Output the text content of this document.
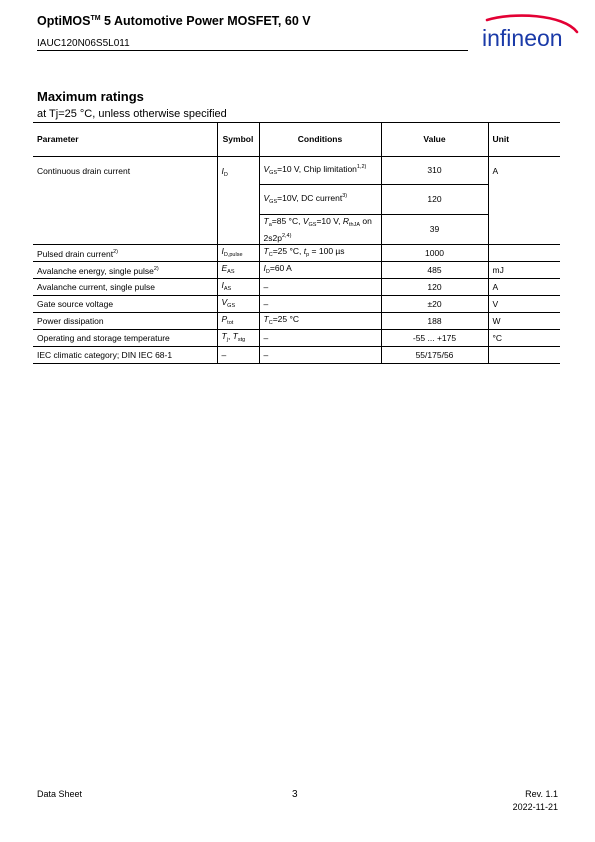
OptiMOS™ 5 Automotive Power MOSFET, 60 V
IAUC120N06S5L011	infineon
Maximum ratings
at Tj=25 °C, unless otherwise specified
Parameter	Symbol	Conditions	Value	Unit
Continuous drain current	$I_D$	$V_{GS}=10$ V, Chip limitation$^{1,2)}$	310	A
		$V_{GS}=10V$, DC current$^{3)}$	120	
		$T_a=85$ °C, $V_{GS}=10$ V, $R_{thJA}$ on $2s2p^{2,4)}$	39	
Pulsed drain current$^{2)}$	$I_{D,pulse}$	$T_C=25$ °C, $t_p = 100$ µs	1000	
Avalanche energy, single pulse$^{2)}$	$E_{AS}$	$I_D=60$ A	485	mJ
Avalanche current, single pulse	$I_{AS}$	–	120	A
Gate source voltage	$V_{GS}$	–	±20	V
Power dissipation	$P_{tot}$	$T_C=25$ °C	188	W
Operating and storage temperature	$T_j$, $T_{stg}$	–	-55 ... +175	°C
IEC climatic category; DIN IEC 68-1	–	–	55/175/56	
Data Sheet	3	Rev. 1.1
2022-11-21
